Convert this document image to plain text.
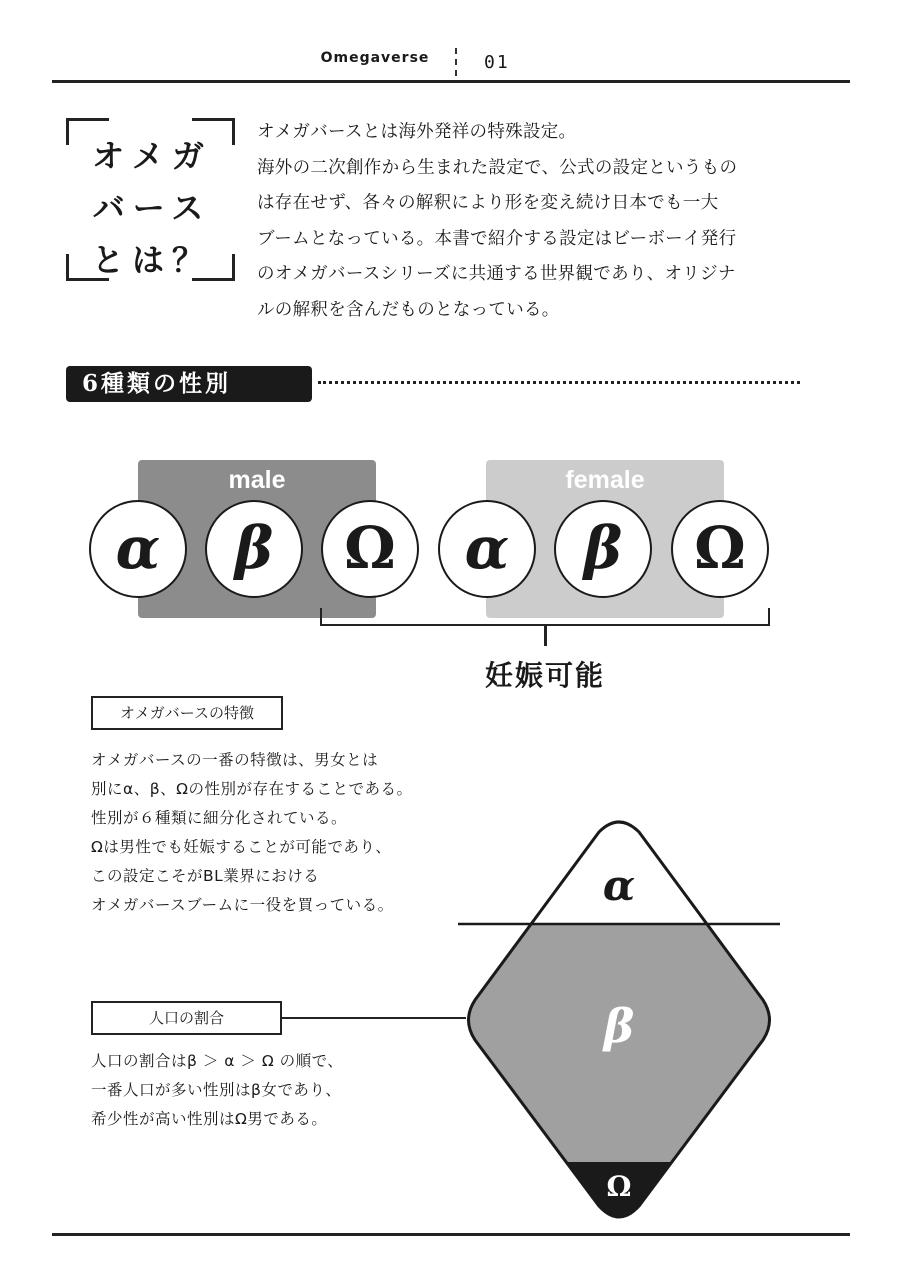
Omegaverse	01
オメガ
バース
とは？
オメガバースとは海外発祥の特殊設定。
海外の二次創作から生まれた設定で、公式の設定というもの
は存在せず、各々の解釈により形を変え続け日本でも一大
ブームとなっている。本書で紹介する設定はビーボーイ発行
のオメガバースシリーズに共通する世界観であり、オリジナ
ルの解釈を含んだものとなっている。
6種類の性別
male	female
α	β	Ω	α	β	Ω
妊娠可能
オメガバースの特徴
オメガバースの一番の特徴は、男女とは
別にα、β、Ωの性別が存在することである。
性別が６種類に細分化されている。
Ωは男性でも妊娠することが可能であり、
この設定こそがBL業界における
オメガバースブームに一役を買っている。
人口の割合
人口の割合はβ ＞ α ＞ Ω の順で、
一番人口が多い性別はβ女であり、
希少性が高い性別はΩ男である。
α
β
Ω
